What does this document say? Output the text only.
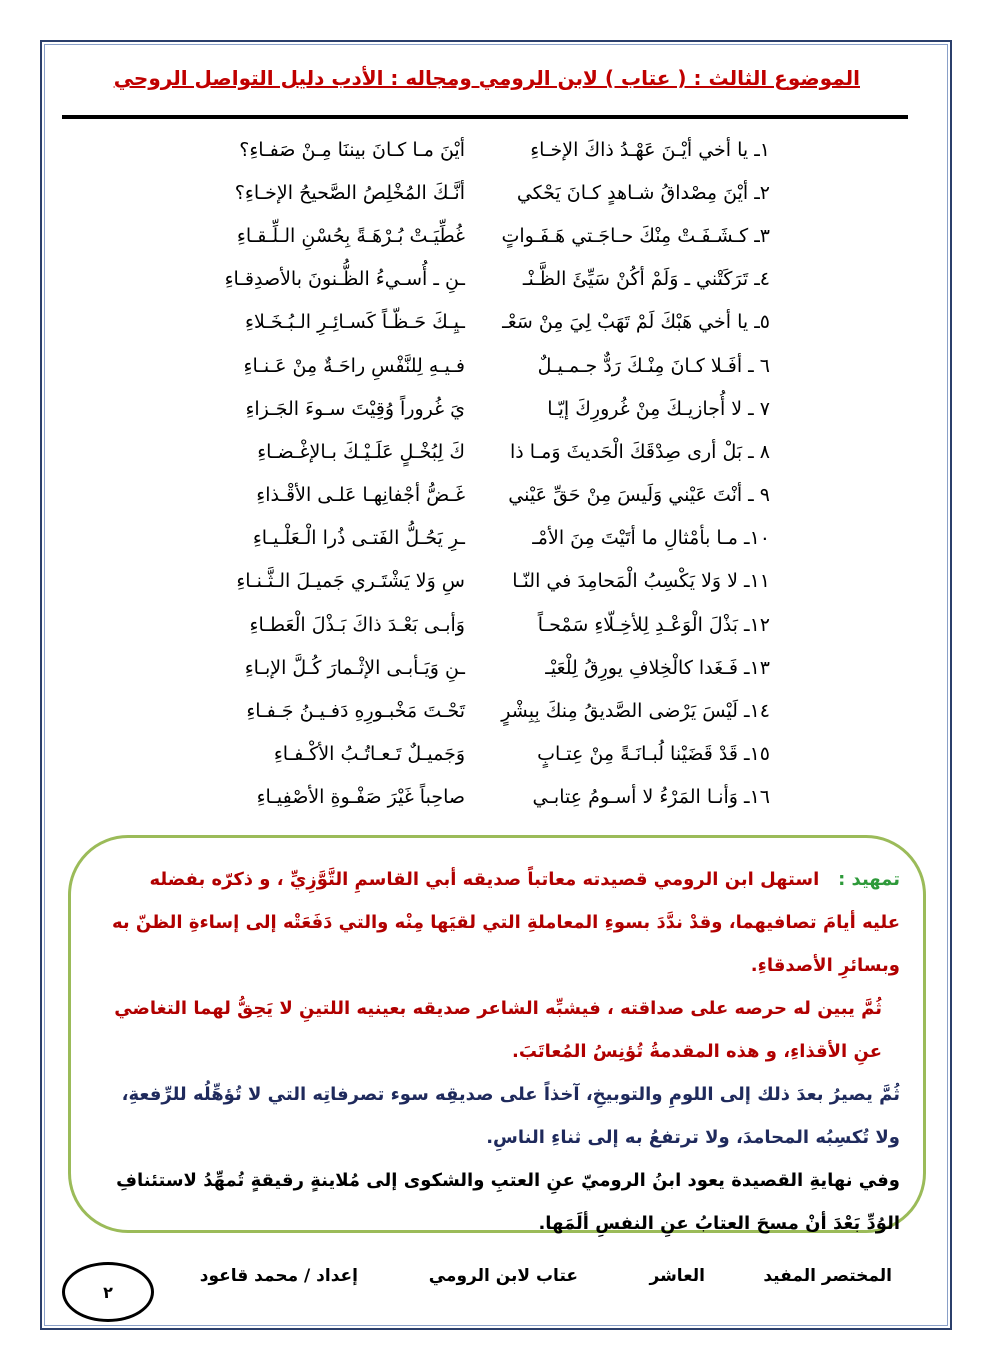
الموضوع الثالث : ( عتاب ) لابن الرومي ومجاله : الأدب دليل التواصل الروحي
١ـ يا أخي أيْـنَ عَهْـدُ ذاكَ الإخـاءِ
أيْنَ مـا كـانَ بيننَا مِـنْ صَفـاءِ؟
٢ـ أيْنَ مِصْداقُ شـاهدٍ كـانَ يَحْكي
أنَّـكَ المُخْلِصُ الصَّحيحُ الإخـاءِ؟
٣ـ كـشَـفَـتْ مِنْكَ حـاجَـتي هَـفَـواتٍ
غُطِّيَـتْ بُـرْهَـةً بِحُسْنِ الـلِّـقـاءِ
٤ـ تَرَكَتْني ـ وَلَمْ أكُنْ سَيِّئَ الظَّـنْـ
ـنِ ـ أُسـيءُ الظُّـنونَ بالأصدِقـاءِ
٥ـ يا أخي هَبْكَ لَمْ تَهَبْ لِيَ مِنْ سَعْـ
ـيِـكَ حَـظّـاً كَسـائِـرِ الـبُـخَـلاءِ
٦ ـ أفَـلا كـانَ مِنْـكَ رَدٌّ جـمـيـلٌ
فـيـهِ لِلنَّفْسِ راحَـةٌ مِنْ عَـنـاءِ
٧ ـ لا أُجازيـكَ مِنْ غُرورِكَ إيّـا
يَ غُروراً وُقِيْتَ سـوءَ الجَـزاءِ
٨ ـ بَلْ أرى صِدْقَكَ الْحَديثَ وَمـا ذا
كَ لِبُخْـلٍ عَلَـيْـكَ بـالإغْـضـاءِ
٩ ـ أنْتَ عَيْني وَلَيسَ مِنْ حَقِّ عَيْني
غَـضُّ أجْفانِهـا عَلـى الأقْـذاءِ
١٠ـ مـا بأمْثالِ ما أتَيْتَ مِنَ الأمْـ
ـرِ يَحُـلُّ الفَتـى ذُرا الْـعَلْـيـاءِ
١١ـ لا وَلا يَكْسِبُ الْمَحامِدَ في النّـا
سِ وَلا يَشْتَـري جَميـلَ الـثَّـنـاءِ
١٢ـ بَذْلَ الْوَعْـدِ لِلأخِـلّاءِ سَمْحـاً
وَأبـى بَعْـدَ ذاكَ بَـذْلَ الْعَطـاءِ
١٣ـ فَـغَدا كالْخِلافِ يورِقُ لِلْعَيْـ
ـنِ وَيَـأبـى الإثْـمارَ كُـلَّ الإبـاءِ
١٤ـ لَيْسَ يَرْضى الصَّديقُ مِنكَ بِبِشْرٍ
تَحْـتَ مَخْبـورِهِ دَفـيـنُ جَـفـاءِ
١٥ـ قَدْ قَضَيْنا لُبـانَـةً مِنْ عِتـابٍ
وَجَميـلٌ تَـعـاتُـبُ الأكْـفـاءِ
١٦ـ وَأنـا المَرْءُ لا أسـومُ عِتابـي
صاحِباً غَيْرَ صَفْـوةِ الأصْفِيـاءِ
تمهيد :   استهل ابن الرومي قصيدته معاتباً صديقه أبي القاسمِ التَّوَّزِيِّ ، و ذكرّه بفضله عليه أيامَ تصافيهما، وقدْ ندَّدَ بسوءِ المعاملةِ التي لقيَها مِنْه والتي دَفَعَتْه إلى إساءةِ الظنّ به وبسائرِ الأصدقاءِ.
ثُمَّ يبين له حرصه على صداقته ، فيشبِّه الشاعر صديقه بعينيه اللتينِ لا يَحِقُّ لهما التغاضي عنِ الأقذاءِ، و هذه المقدمةُ تُؤنِسُ المُعاتَبَ.
ثُمَّ يصيرُ بعدَ ذلك إلى اللومِ والتوبيخِ، آخذاً على صديقِه سوء تصرفاتِه التي لا تُؤهِّلُه للرِّفعةِ، ولا تُكسِبُه المحامدَ، ولا ترتفعُ به إلى ثناءِ الناسِ.
وفي نهايةِ القصيدة يعود ابنُ الروميّ عنِ العتبِ والشكوى إلى مُلاينةٍ رقيقةٍ تُمهِّدُ لاستئنافِ الوُدِّ بَعْدَ أنْ مسحَ العتابُ عنِ النفسِ ألَمَها.
المختصر المفيد
العاشر
عتاب لابن الرومي
إعداد / محمد قاعود
٢
